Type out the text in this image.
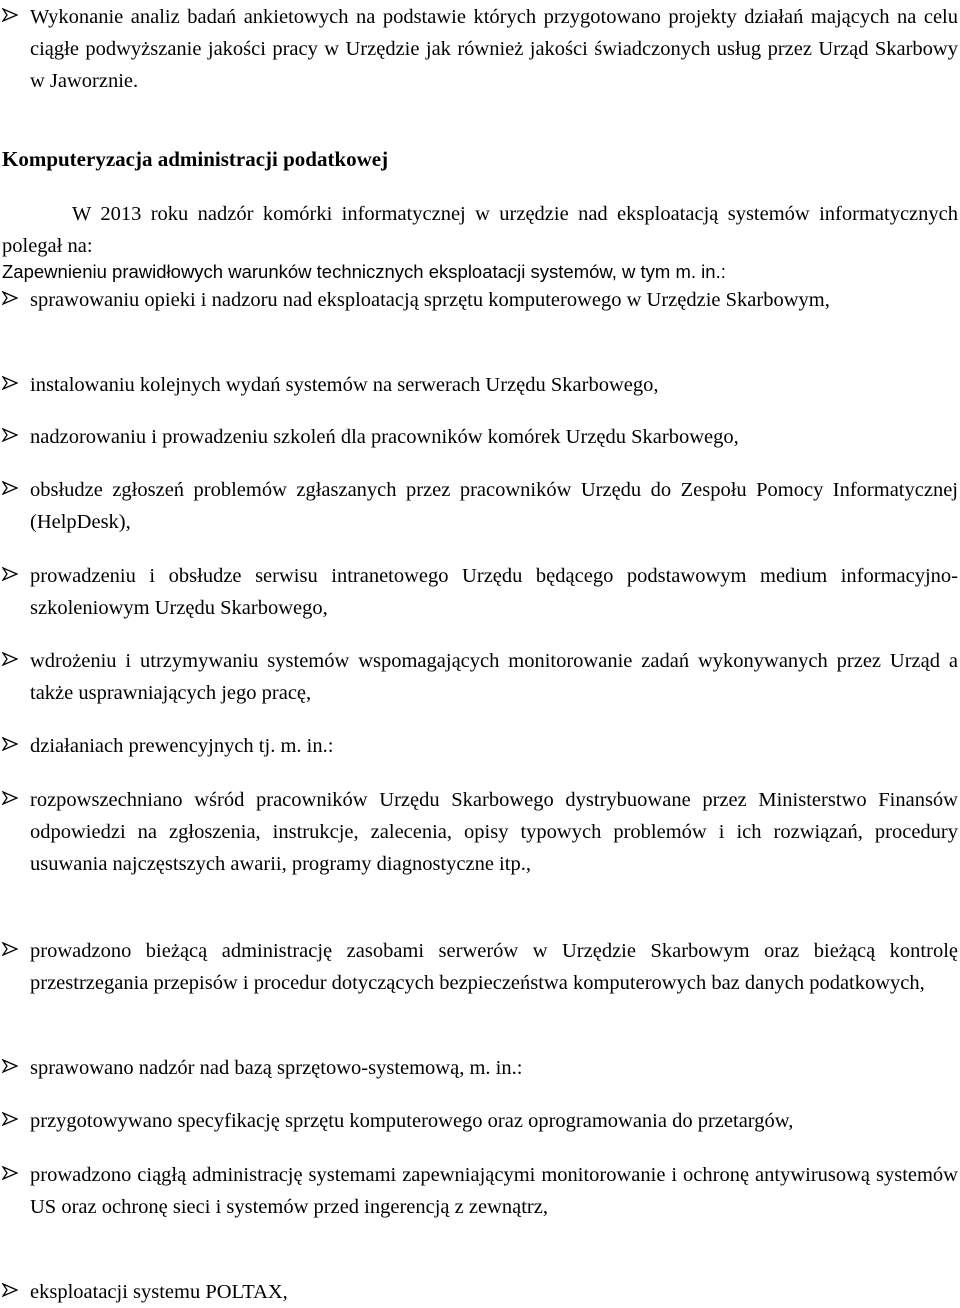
Wykonanie analiz badań ankietowych na podstawie których przygotowano projekty działań mających na celu ciągłe podwyższanie jakości pracy w Urzędzie jak również jakości świadczonych usług przez Urząd Skarbowy w Jaworznie.
Komputeryzacja administracji podatkowej
W 2013 roku nadzór komórki informatycznej w urzędzie nad eksploatacją systemów informatycznych polegał na:
Zapewnieniu prawidłowych warunków technicznych eksploatacji systemów, w tym m. in.:
sprawowaniu opieki i nadzoru nad eksploatacją sprzętu komputerowego w Urzędzie Skarbowym,
instalowaniu kolejnych wydań systemów na serwerach Urzędu Skarbowego,
nadzorowaniu i prowadzeniu szkoleń dla pracowników komórek Urzędu Skarbowego,
obsłudze zgłoszeń problemów zgłaszanych przez pracowników Urzędu do Zespołu Pomocy Informatycznej (HelpDesk),
prowadzeniu i obsłudze serwisu intranetowego Urzędu będącego podstawowym medium informacyjno-szkoleniowym Urzędu Skarbowego,
wdrożeniu i utrzymywaniu systemów wspomagających monitorowanie zadań wykonywanych przez Urząd a także usprawniających jego pracę,
działaniach prewencyjnych tj. m. in.:
rozpowszechniano wśród pracowników Urzędu Skarbowego dystrybuowane przez Ministerstwo Finansów odpowiedzi na zgłoszenia, instrukcje, zalecenia, opisy typowych problemów i ich rozwiązań, procedury usuwania najczęstszych awarii, programy diagnostyczne itp.,
prowadzono bieżącą administrację zasobami serwerów w Urzędzie Skarbowym oraz bieżącą kontrolę przestrzegania przepisów i procedur dotyczących bezpieczeństwa komputerowych baz danych podatkowych,
sprawowano nadzór nad bazą sprzętowo-systemową, m. in.:
przygotowywano specyfikację sprzętu komputerowego oraz oprogramowania do przetargów,
prowadzono ciągłą administrację systemami zapewniającymi monitorowanie i ochronę antywirusową systemów US oraz ochronę sieci i systemów przed ingerencją z zewnątrz,
eksploatacji systemu POLTAX,
